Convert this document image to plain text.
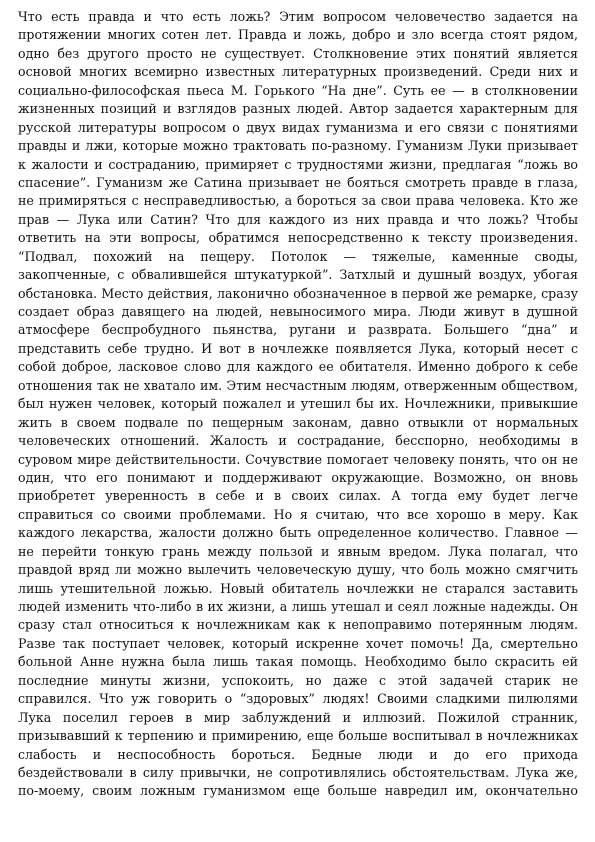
Что есть правда и что есть ложь? Этим вопросом человечество задается на
протяжении многих сотен лет. Правда и ложь, добро и зло всегда стоят рядом,
одно без другого просто не существует. Столкновение этих понятий является
основой многих всемирно известных литературных произведений. Среди них и
социально-философская пьеса М. Горького “На дне”. Суть ее — в столкновении
жизненных позиций и взглядов разных людей. Автор задается характерным для
русской литературы вопросом о двух видах гуманизма и его связи с понятиями
правды и лжи, которые можно трактовать по-разному. Гуманизм Луки призывает
к жалости и состраданию, примиряет с трудностями жизни, предлагая “ложь во
спасение”. Гуманизм же Сатина призывает не бояться смотреть правде в глаза,
не примиряться с несправедливостью, а бороться за свои права человека. Кто же
прав — Лука или Сатин? Что для каждого из них правда и что ложь? Чтобы
ответить на эти вопросы, обратимся непосредственно к тексту произведения.
“Подвал, похожий на пещеру. Потолок — тяжелые, каменные своды,
закопченные, с обвалившейся штукатуркой”. Затхлый и душный воздух, убогая
обстановка. Место действия, лаконично обозначенное в первой же ремарке, сразу
создает образ давящего на людей, невыносимого мира. Люди живут в душной
атмосфере беспробудного пьянства, ругани и разврата. Большего “дна” и
представить себе трудно. И вот в ночлежке появляется Лука, который несет с
собой доброе, ласковое слово для каждого ее обитателя. Именно доброго к себе
отношения так не хватало им. Этим несчастным людям, отверженным обществом,
был нужен человек, который пожалел и утешил бы их. Ночлежники, привыкшие
жить в своем подвале по пещерным законам, давно отвыкли от нормальных
человеческих отношений. Жалость и сострадание, бесспорно, необходимы в
суровом мире действительности. Сочувствие помогает человеку понять, что он не
один, что его понимают и поддерживают окружающие. Возможно, он вновь
приобретет уверенность в себе и в своих силах. А тогда ему будет легче
справиться со своими проблемами. Но я считаю, что все хорошо в меру. Как
каждого лекарства, жалости должно быть определенное количество. Главное —
не перейти тонкую грань между пользой и явным вредом. Лука полагал, что
правдой вряд ли можно вылечить человеческую душу, что боль можно смягчить
лишь утешительной ложью. Новый обитатель ночлежки не старался заставить
людей изменить что-либо в их жизни, а лишь утешал и сеял ложные надежды. Он
сразу стал относиться к ночлежникам как к непоправимо потерянным людям.
Разве так поступает человек, который искренне хочет помочь! Да, смертельно
больной Анне нужна была лишь такая помощь. Необходимо было скрасить ей
последние минуты жизни, успокоить, но даже с этой задачей старик не
справился. Что уж говорить о “здоровых” людях! Своими сладкими пилюлями
Лука поселил героев в мир заблуждений и иллюзий. Пожилой странник,
призывавший к терпению и примирению, еще больше воспитывал в ночлежниках
слабость и неспособность бороться. Бедные люди и до его прихода
бездействовали в силу привычки, не сопротивлялись обстоятельствам. Лука же,
по-моему, своим ложным гуманизмом еще больше навредил им, окончательно
